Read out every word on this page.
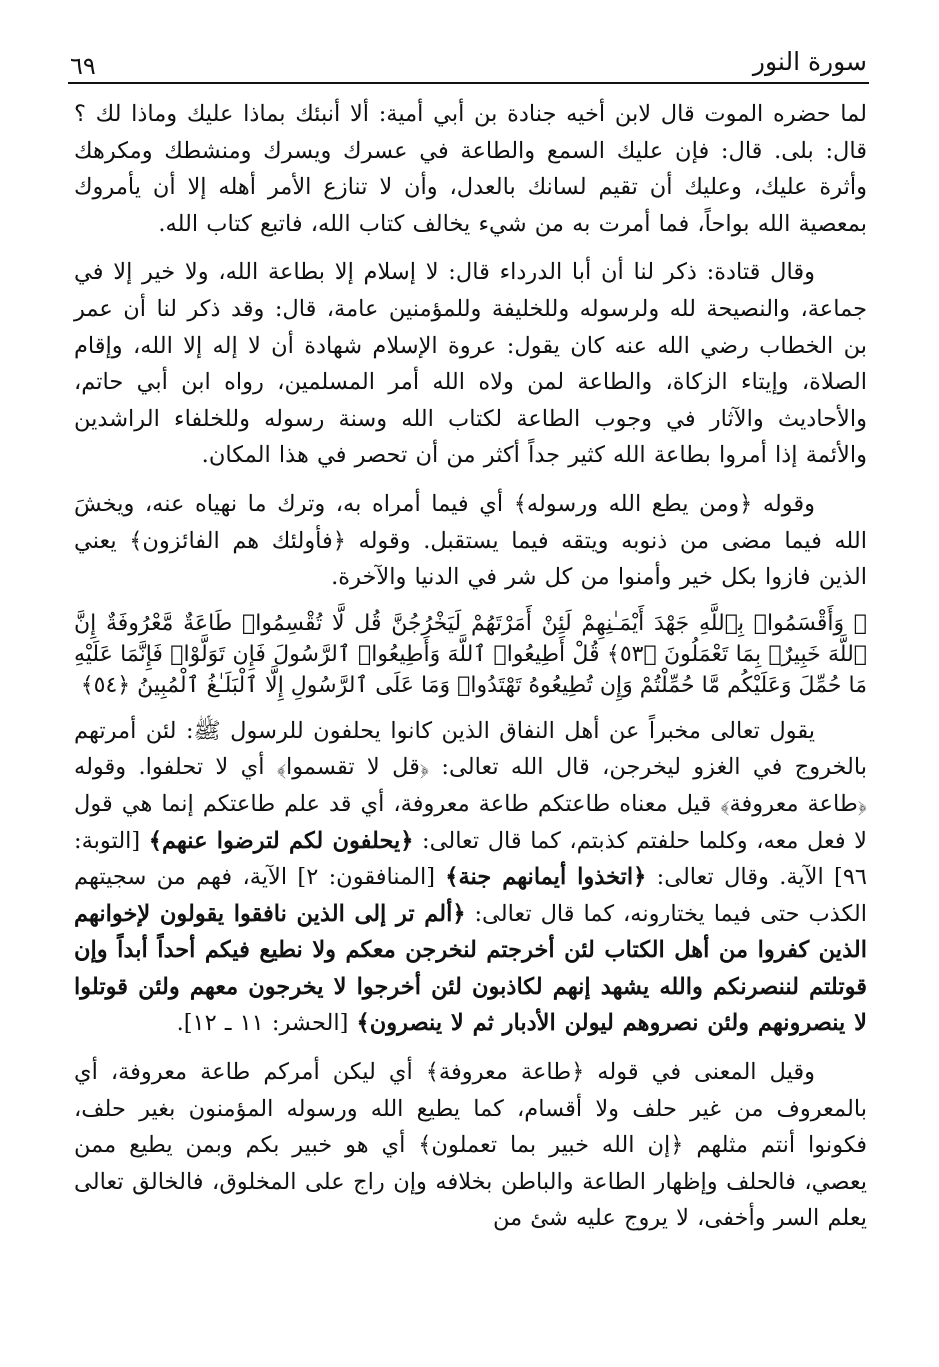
سورة النور
٦٩

لما حضره الموت قال لابن أخيه جنادة بن أبي أمية: ألا أنبئك بماذا عليك وماذا لك ؟ قال: بلى. قال: فإن عليك السمع والطاعة في عسرك ويسرك ومنشطك ومكرهك وأثرة عليك، وعليك أن تقيم لسانك بالعدل، وأن لا تنازع الأمر أهله إلا أن يأمروك بمعصية الله بواحاً، فما أمرت به من شيء يخالف كتاب الله، فاتبع كتاب الله.

وقال قتادة: ذكر لنا أن أبا الدرداء قال: لا إسلام إلا بطاعة الله، ولا خير إلا في جماعة، والنصيحة لله ولرسوله وللخليفة وللمؤمنين عامة، قال: وقد ذكر لنا أن عمر بن الخطاب رضي الله عنه كان يقول: عروة الإسلام شهادة أن لا إله إلا الله، وإقام الصلاة، وإيتاء الزكاة، والطاعة لمن ولاه الله أمر المسلمين، رواه ابن أبي حاتم، والأحاديث والآثار في وجوب الطاعة لكتاب الله وسنة رسوله وللخلفاء الراشدين والأئمة إذا أمروا بطاعة الله كثير جداً أكثر من أن تحصر في هذا المكان.

وقوله ﴿ومن يطع الله ورسوله﴾ أي فيما أمراه به، وترك ما نهياه عنه، ويخشَ الله فيما مضى من ذنوبه ويتقه فيما يستقبل. وقوله ﴿فأولئك هم الفائزون﴾ يعني الذين فازوا بكل خير وأمنوا من كل شر في الدنيا والآخرة.

﴿ وَأَقْسَمُوا۟ بِٱللَّهِ جَهْدَ أَيْمَـٰنِهِمْ لَئِنْ أَمَرْتَهُمْ لَيَخْرُجُنَّ قُل لَّا تُقْسِمُوا۟ طَاعَةٌ مَّعْرُوفَةٌ إِنَّ ٱللَّهَ خَبِيرٌۢ بِمَا تَعْمَلُونَ ﴿٥٣﴾ قُلْ أَطِيعُوا۟ ٱللَّهَ وَأَطِيعُوا۟ ٱلرَّسُولَ فَإِن تَوَلَّوْا۟ فَإِنَّمَا عَلَيْهِ مَا حُمِّلَ وَعَلَيْكُم مَّا حُمِّلْتُمْ وَإِن تُطِيعُوهُ تَهْتَدُوا۟ وَمَا عَلَى ٱلرَّسُولِ إِلَّا ٱلْبَلَـٰغُ ٱلْمُبِينُ ﴿٥٤﴾

يقول تعالى مخبراً عن أهل النفاق الذين كانوا يحلفون للرسول ﷺ: لئن أمرتهم بالخروج في الغزو ليخرجن، قال الله تعالى: ﴿قل لا تقسموا﴾ أي لا تحلفوا. وقوله ﴿طاعة معروفة﴾ قيل معناه طاعتكم طاعة معروفة، أي قد علم طاعتكم إنما هي قول لا فعل معه، وكلما حلفتم كذبتم، كما قال تعالى: ﴿يحلفون لكم لترضوا عنهم﴾ [التوبة: ٩٦] الآية. وقال تعالى: ﴿اتخذوا أيمانهم جنة﴾ [المنافقون: ٢] الآية، فهم من سجيتهم الكذب حتى فيما يختارونه، كما قال تعالى: ﴿ألم تر إلى الذين نافقوا يقولون لإخوانهم الذين كفروا من أهل الكتاب لئن أخرجتم لنخرجن معكم ولا نطيع فيكم أحداً أبداً وإن قوتلتم لننصرنكم والله يشهد إنهم لكاذبون لئن أخرجوا لا يخرجون معهم ولئن قوتلوا لا ينصرونهم ولئن نصروهم ليولن الأدبار ثم لا ينصرون﴾ [الحشر: ١١ ـ ١٢].

وقيل المعنى في قوله ﴿طاعة معروفة﴾ أي ليكن أمركم طاعة معروفة، أي بالمعروف من غير حلف ولا أقسام، كما يطيع الله ورسوله المؤمنون بغير حلف، فكونوا أنتم مثلهم ﴿إن الله خبير بما تعملون﴾ أي هو خبير بكم وبمن يطيع ممن يعصي، فالحلف وإظهار الطاعة والباطن بخلافه وإن راج على المخلوق، فالخالق تعالى يعلم السر وأخفى، لا يروج عليه شئ من
